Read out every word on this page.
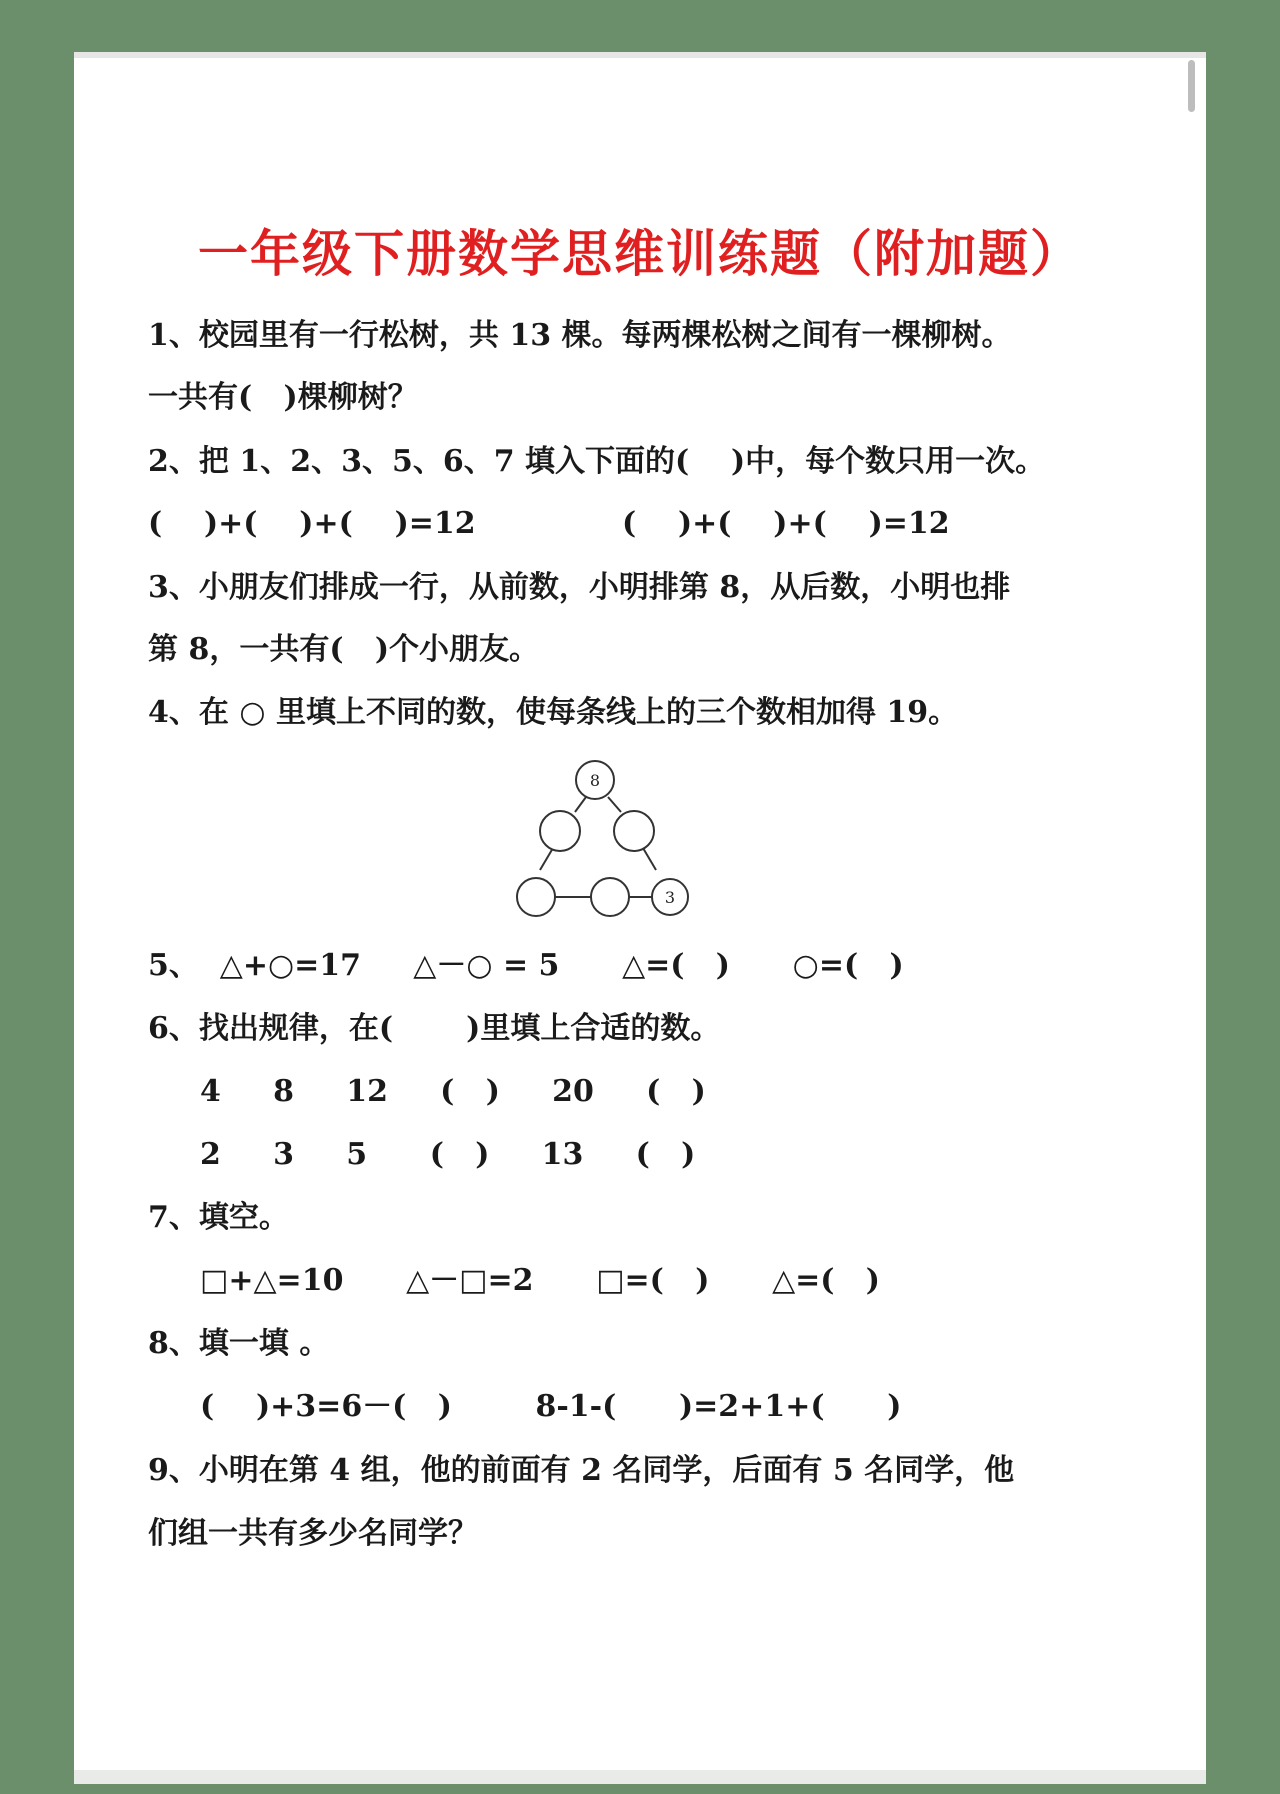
一年级下册数学思维训练题（附加题）
1、校园里有一行松树，共 13 棵。每两棵松树之间有一棵柳树。
一共有(   )棵柳树？
2、把 1、2、3、5、6、7 填入下面的(    )中，每个数只用一次。
(    )+(    )+(    )=12	(    )+(    )+(    )=12
3、小朋友们排成一行，从前数，小明排第 8，从后数，小明也排
第 8，一共有(   )个小朋友。
4、在 ○ 里填上不同的数，使每条线上的三个数相加得 19。
8
3
5、  △+○=17     △－○ = 5      △=(   )      ○=(   )
6、找出规律，在(       )里填上合适的数。
4     8     12     (   )     20     (   )
2     3     5      (   )     13     (   )
7、填空。
□+△=10      △－□=2      □=(   )      △=(   )
8、填一填 。
(    )+3=6－(   )        8-1-(      )=2+1+(      )
9、小明在第 4 组，他的前面有 2 名同学，后面有 5 名同学，他
们组一共有多少名同学？
